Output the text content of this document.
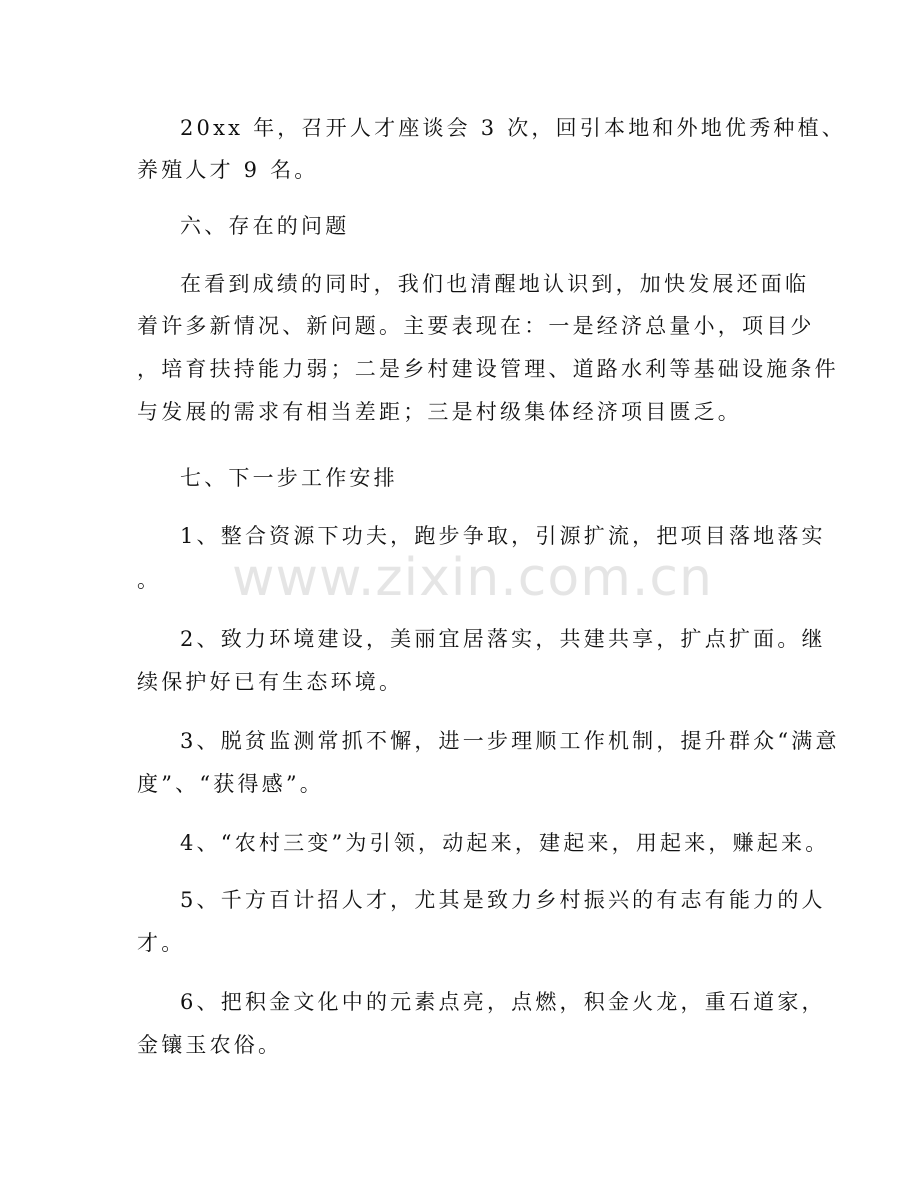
20xx 年，召开人才座谈会 3 次，回引本地和外地优秀种植、
养殖人才 9 名。
六、存在的问题
在看到成绩的同时，我们也清醒地认识到，加快发展还面临
着许多新情况、新问题。主要表现在：一是经济总量小，项目少
，培育扶持能力弱；二是乡村建设管理、道路水利等基础设施条件
与发展的需求有相当差距；三是村级集体经济项目匮乏。
七、下一步工作安排
1、整合资源下功夫，跑步争取，引源扩流，把项目落地落实
。
2、致力环境建设，美丽宜居落实，共建共享，扩点扩面。继
续保护好已有生态环境。
3、脱贫监测常抓不懈，进一步理顺工作机制，提升群众“满意
度”、“获得感”。
4、“农村三变”为引领，动起来，建起来，用起来，赚起来。
5、千方百计招人才，尤其是致力乡村振兴的有志有能力的人
才。
6、把积金文化中的元素点亮，点燃，积金火龙，重石道家，
金镶玉农俗。
www.zixin.com.cn
